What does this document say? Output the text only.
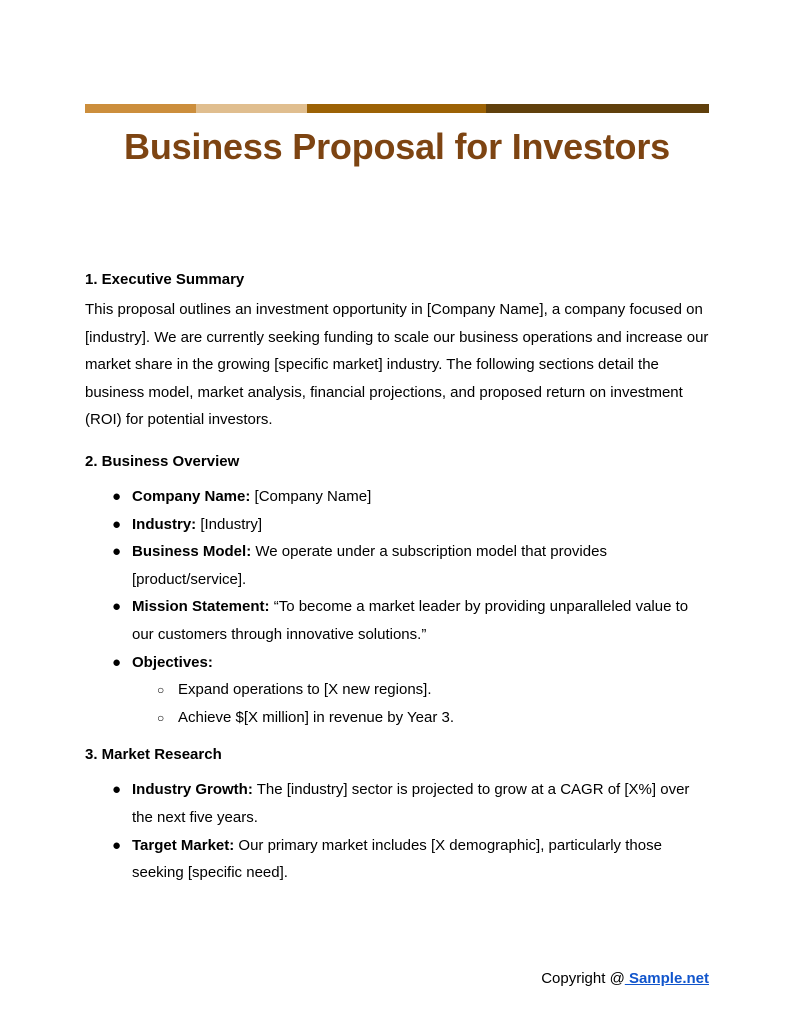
Business Proposal for Investors
1. Executive Summary

This proposal outlines an investment opportunity in [Company Name], a company focused on [industry]. We are currently seeking funding to scale our business operations and increase our market share in the growing [specific market] industry. The following sections detail the business model, market analysis, financial projections, and proposed return on investment (ROI) for potential investors.

2. Business Overview
● Company Name: [Company Name]
● Industry: [Industry]
● Business Model: We operate under a subscription model that provides [product/service].
● Mission Statement: “To become a market leader by providing unparalleled value to our customers through innovative solutions.”
● Objectives:
○ Expand operations to [X new regions].
○ Achieve $[X million] in revenue by Year 3.
3. Market Research
● Industry Growth: The [industry] sector is projected to grow at a CAGR of [X%] over the next five years.
● Target Market: Our primary market includes [X demographic], particularly those seeking [specific need].
Copyright @ Sample.net
